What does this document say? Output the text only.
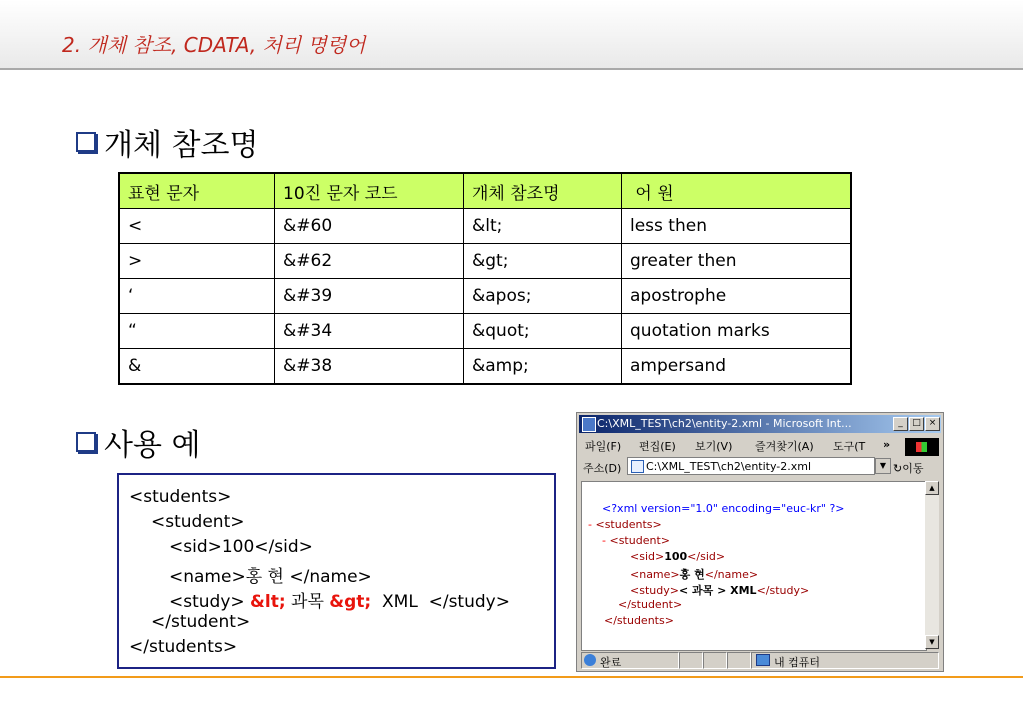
2. 개체 참조, CDATA, 처리 명령어
개체 참조명
표현 문자	10진 문자 코드	개체 참조명	어 원
<	&#60	&lt;	less then
>	&#62	&gt;	greater then
‘	&#39	&apos;	apostrophe
“	&#34	&quot;	quotation marks
&	&#38	&amp;	ampersand
사용 예
<students>
<student>
<sid>100</sid>
<name>홍 현 </name>
<study> &lt; 과목 &gt;  XML  </study>
</student>
</students>
C:\XML_TEST\ch2\entity-2.xml - Microsoft Int...	_	□ ×
파일(F) 편집(E) 보기(V) 즐겨찾기(A) 도구(T »
주소(D) C:\XML_TEST\ch2\entity-2.xml	▼ ↻이동
<?xml version="1.0" encoding="euc-kr" ?>
- <students>
- <student>
<sid>100</sid>
<name>홍 현</name>
<study>< 과목 > XML</study>
</student>
</students>
▲
▼
완료	내 컴퓨터
